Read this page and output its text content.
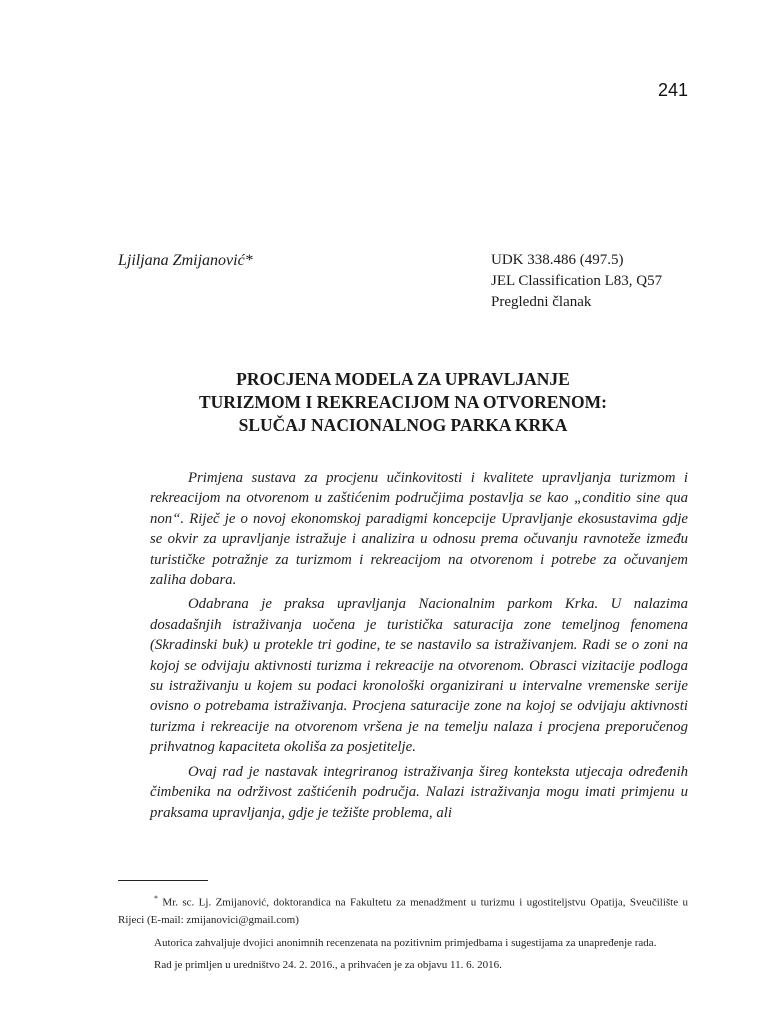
241
Ljiljana Zmijanović*	UDK 338.486 (497.5)
JEL Classification L83, Q57
Pregledni članak
PROCJENA MODELA ZA UPRAVLJANJE
TURIZMOM I REKREACIJOM NA OTVORENOM:
SLUČAJ NACIONALNOG PARKA KRKA

Primjena sustava za procjenu učinkovitosti i kvalitete upravljanja turizmom i rekreacijom na otvorenom u zaštićenim područjima postavlja se kao „conditio sine qua non“. Riječ je o novoj ekonomskoj paradigmi koncepcije Upravljanje ekosustavima gdje se okvir za upravljanje istražuje i analizira u odnosu prema očuvanju ravnoteže između turističke potražnje za turizmom i rekreacijom na otvorenom i potrebe za očuvanjem zaliha dobara.

Odabrana je praksa upravljanja Nacionalnim parkom Krka. U nalazima dosadašnjih istraživanja uočena je turistička saturacija zone temeljnog fenomena (Skradinski buk) u protekle tri godine, te se nastavilo sa istraživanjem. Radi se o zoni na kojoj se odvijaju aktivnosti turizma i rekreacije na otvorenom. Obrasci vizitacije podloga su istraživanju u kojem su podaci kronološki organizirani u intervalne vremenske serije ovisno o potrebama istraživanja. Procjena saturacije zone na kojoj se odvijaju aktivnosti turizma i rekreacije na otvorenom vršena je na temelju nalaza i procjena preporučenog prihvatnog kapaciteta okoliša za posjetitelje.

Ovaj rad je nastavak integriranog istraživanja šireg konteksta utjecaja određenih čimbenika na održivost zaštićenih područja. Nalazi istraživanja mogu imati primjenu u praksama upravljanja, gdje je težište problema, ali

* Mr. sc. Lj. Zmijanović, doktorandica na Fakultetu za menadžment u turizmu i ugostiteljstvu Opatija, Sveučilište u Rijeci (E-mail: zmijanovici@gmail.com)

Autorica zahvaljuje dvojici anonimnih recenzenata na pozitivnim primjedbama i sugestijama za unapređenje rada.

Rad je primljen u uredništvo 24. 2. 2016., a prihvaćen je za objavu 11. 6. 2016.
